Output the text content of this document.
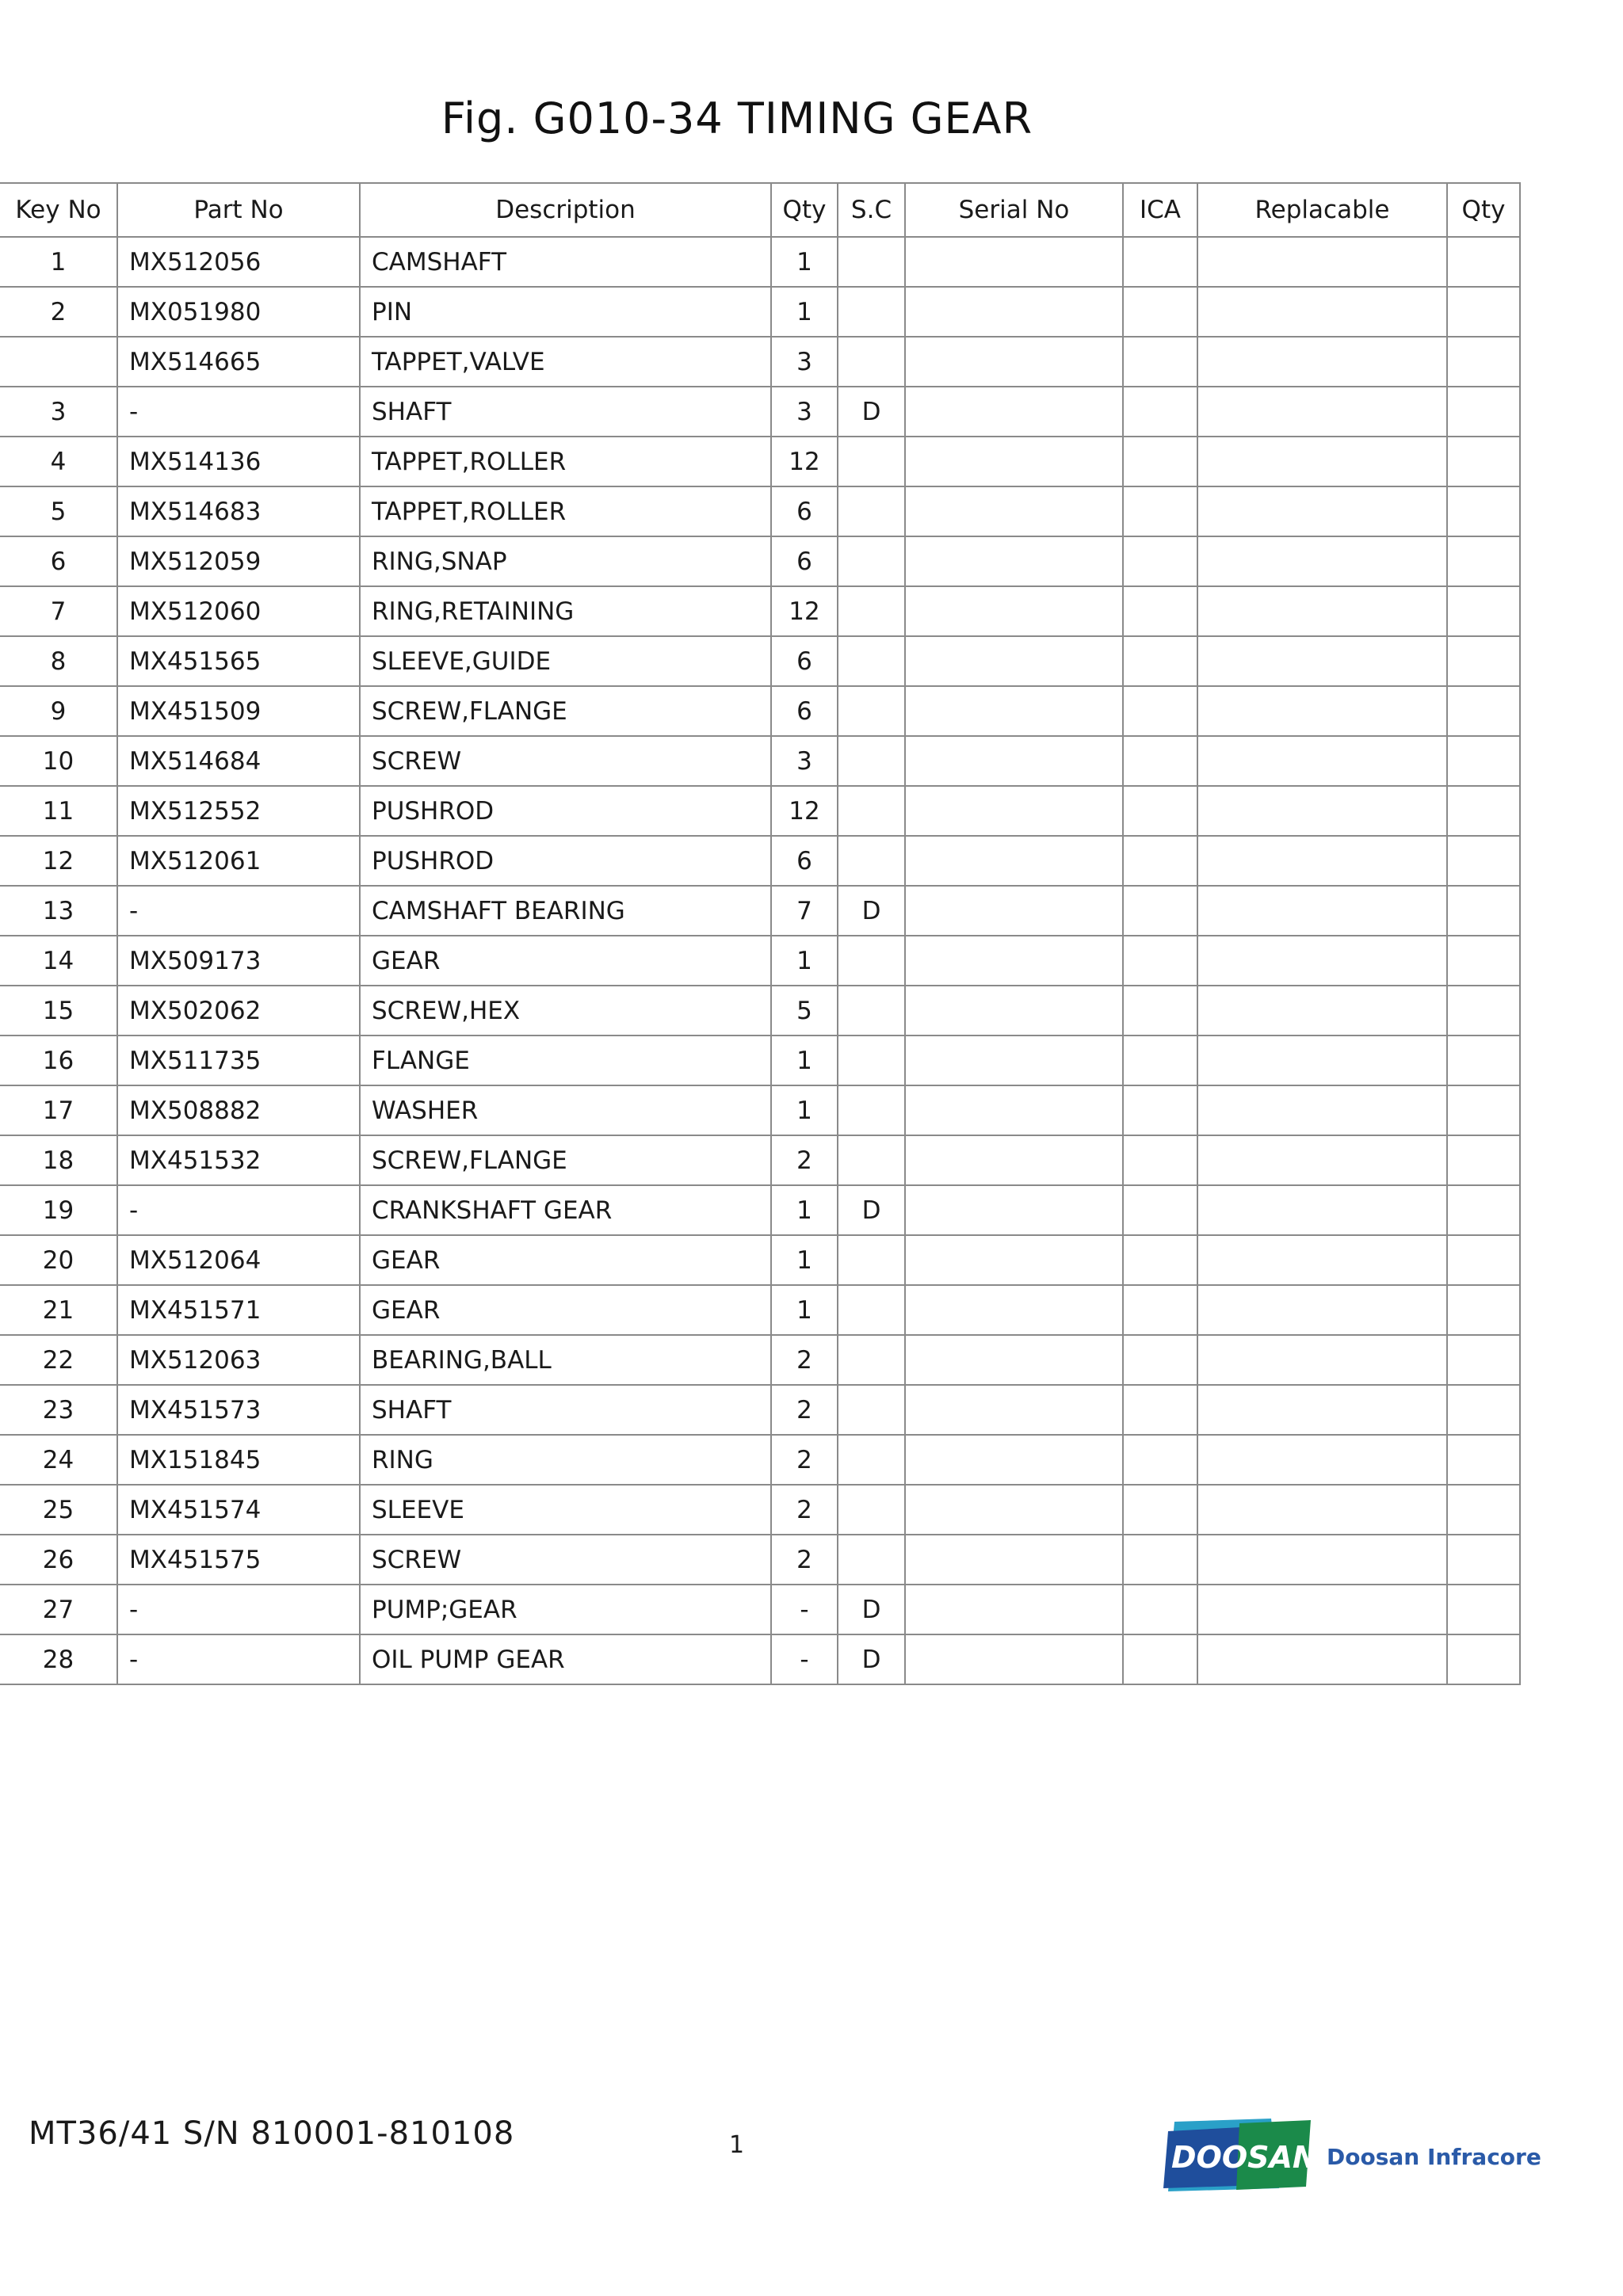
Fig. G010-34 TIMING GEAR
Key No	Part No	Description	Qty	S.C	Serial No	ICA	Replacable	Qty
1	MX512056	CAMSHAFT	1					
2	MX051980	PIN	1					
	MX514665	TAPPET,VALVE	3					
3	-	SHAFT	3	D				
4	MX514136	TAPPET,ROLLER	12					
5	MX514683	TAPPET,ROLLER	6					
6	MX512059	RING,SNAP	6					
7	MX512060	RING,RETAINING	12					
8	MX451565	SLEEVE,GUIDE	6					
9	MX451509	SCREW,FLANGE	6					
10	MX514684	SCREW	3					
11	MX512552	PUSHROD	12					
12	MX512061	PUSHROD	6					
13	-	CAMSHAFT BEARING	7	D				
14	MX509173	GEAR	1					
15	MX502062	SCREW,HEX	5					
16	MX511735	FLANGE	1					
17	MX508882	WASHER	1					
18	MX451532	SCREW,FLANGE	2					
19	-	CRANKSHAFT GEAR	1	D				
20	MX512064	GEAR	1					
21	MX451571	GEAR	1					
22	MX512063	BEARING,BALL	2					
23	MX451573	SHAFT	2					
24	MX151845	RING	2					
25	MX451574	SLEEVE	2					
26	MX451575	SCREW	2					
27	-	PUMP;GEAR	-	D				
28	-	OIL PUMP GEAR	-	D				
MT36/41 S/N 810001-810108	1	DOOSAN Doosan Infracore
